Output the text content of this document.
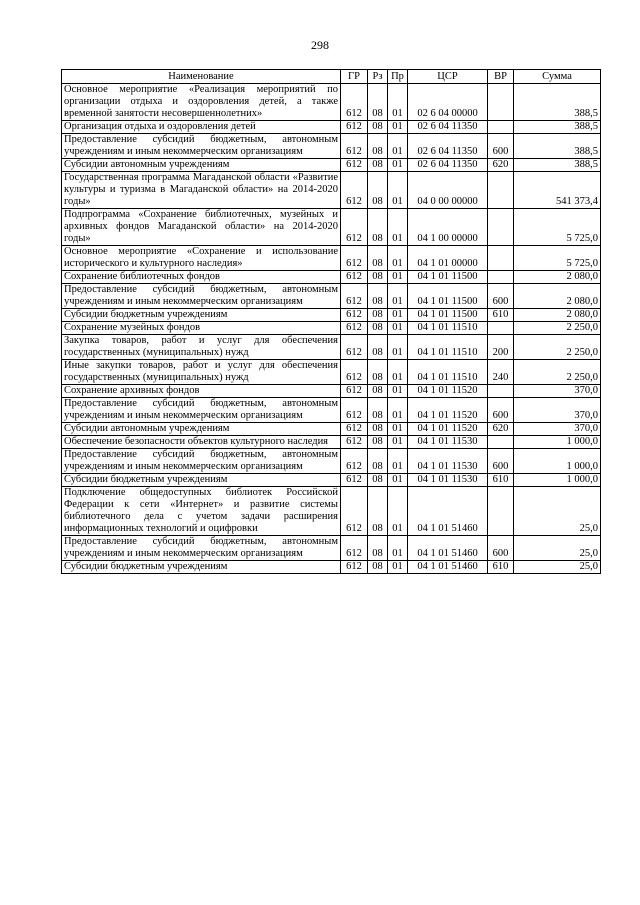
298
Наименование	ГР	Рз	Пр	ЦСР	ВР	Сумма
Основное мероприятие «Реализация мероприятий по организации отдыха и оздоровления детей, а также временной занятости несовершеннолетних»	612	08	01	02 6 04 00000		388,5
Организация отдыха и оздоровления детей	612	08	01	02 6 04 11350		388,5
Предоставление субсидий бюджетным, автономным учреждениям и иным некоммерческим организациям	612	08	01	02 6 04 11350	600	388,5
Субсидии автономным учреждениям	612	08	01	02 6 04 11350	620	388,5
Государственная программа Магаданской области «Развитие культуры и туризма в Магаданской области» на 2014-2020 годы»	612	08	01	04 0 00 00000		541 373,4
Подпрограмма «Сохранение библиотечных, музейных и архивных фондов Магаданской области» на 2014-2020 годы»	612	08	01	04 1 00 00000		5 725,0
Основное мероприятие «Сохранение и использование исторического и культурного наследия»	612	08	01	04 1 01 00000		5 725,0
Сохранение библиотечных фондов	612	08	01	04 1 01 11500		2 080,0
Предоставление субсидий бюджетным, автономным учреждениям и иным некоммерческим организациям	612	08	01	04 1 01 11500	600	2 080,0
Субсидии бюджетным учреждениям	612	08	01	04 1 01 11500	610	2 080,0
Сохранение музейных фондов	612	08	01	04 1 01 11510		2 250,0
Закупка товаров, работ и услуг для обеспечения государственных (муниципальных) нужд	612	08	01	04 1 01 11510	200	2 250,0
Иные закупки товаров, работ и услуг для обеспечения государственных (муниципальных) нужд	612	08	01	04 1 01 11510	240	2 250,0
Сохранение архивных фондов	612	08	01	04 1 01 11520		370,0
Предоставление субсидий бюджетным, автономным учреждениям и иным некоммерческим организациям	612	08	01	04 1 01 11520	600	370,0
Субсидии автономным учреждениям	612	08	01	04 1 01 11520	620	370,0
Обеспечение безопасности объектов культурного наследия	612	08	01	04 1 01 11530		1 000,0
Предоставление субсидий бюджетным, автономным учреждениям и иным некоммерческим организациям	612	08	01	04 1 01 11530	600	1 000,0
Субсидии бюджетным учреждениям	612	08	01	04 1 01 11530	610	1 000,0
Подключение общедоступных библиотек Российской Федерации к сети «Интернет» и развитие системы библиотечного дела с учетом задачи расширения информационных технологий и оцифровки	612	08	01	04 1 01 51460		25,0
Предоставление субсидий бюджетным, автономным учреждениям и иным некоммерческим организациям	612	08	01	04 1 01 51460	600	25,0
Субсидии бюджетным учреждениям	612	08	01	04 1 01 51460	610	25,0
